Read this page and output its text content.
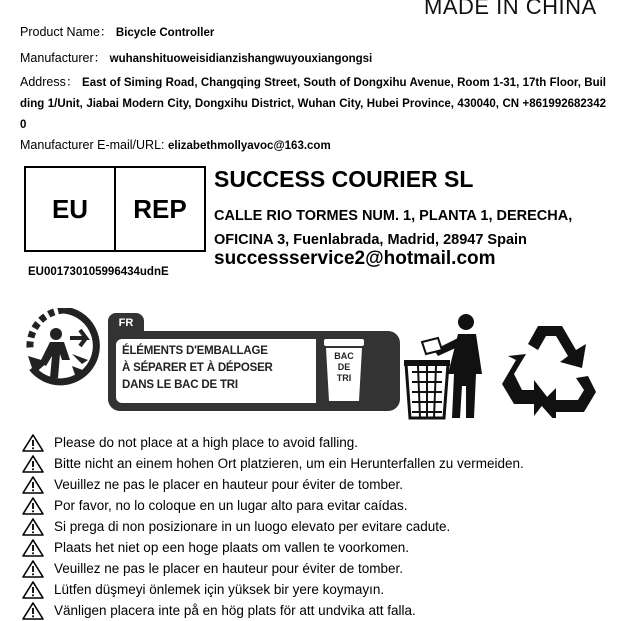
MADE IN CHINA
Product Name： Bicycle Controller
Manufacturer： wuhanshituoweisidianzishangwuyouxiangongsi
Address： East of Siming Road, Changqing Street, South of Dongxihu Avenue, Room 1-31, 17th Floor, Building 1/Unit, Jiabai Modern City, Dongxihu District, Wuhan City, Hubei Province, 430040, CN +8619926823420
Manufacturer E-mail/URL: elizabethmollyavoc@163.com
EU	REP
EU001730105996434udnE
SUCCESS COURIER SL
CALLE RIO TORMES NUM. 1, PLANTA 1, DERECHA,
OFICINA 3, Fuenlabrada, Madrid, 28947 Spain
successservice2@hotmail.com
FR
ÉLÉMENTS D'EMBALLAGE
À SÉPARER ET À DÉPOSER
DANS LE BAC DE TRI
BAC
DE
TRI
Please do not place at a high place to avoid falling.
Bitte nicht an einem hohen Ort platzieren, um ein Herunterfallen zu vermeiden.
Veuillez ne pas le placer en hauteur pour éviter de tomber.
Por favor, no lo coloque en un lugar alto para evitar caídas.
Si prega di non posizionare in un luogo elevato per evitare cadute.
Plaats het niet op een hoge plaats om vallen te voorkomen.
Veuillez ne pas le placer en hauteur pour éviter de tomber.
Lütfen düşmeyi önlemek için yüksek bir yere koymayın.
Vänligen placera inte på en hög plats för att undvika att falla.
